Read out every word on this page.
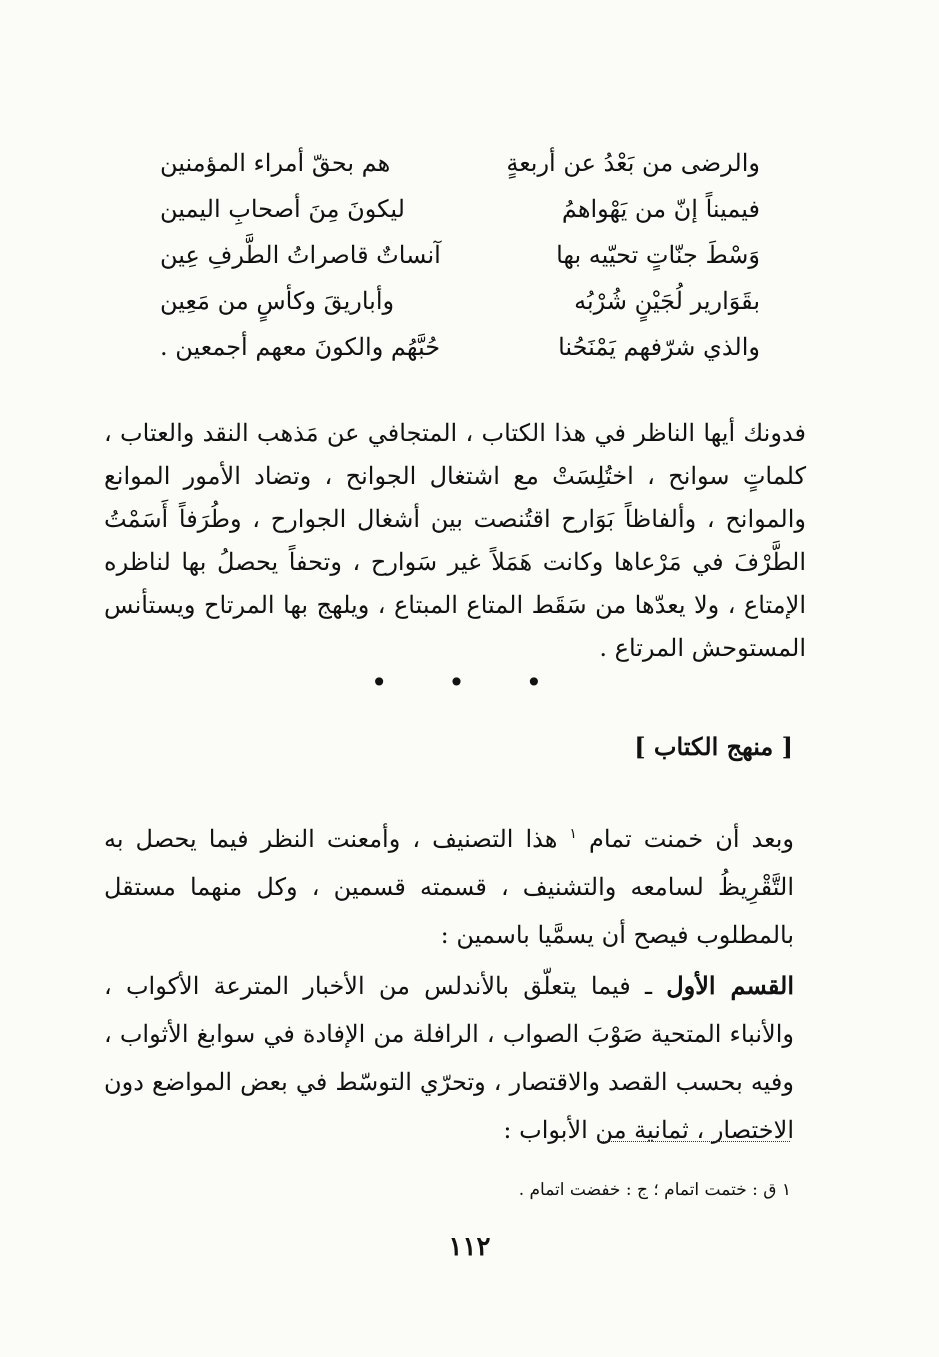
والرضى من بَعْدُ عن أربعةٍ
هم بحقّ أمراء المؤمنين
فيميناً إنّ من يَهْواهمُ
ليكونَ مِنَ أصحابِ اليمين
وَسْطَ جنّاتٍ تحيّيه بها
آنساتٌ قاصراتُ الطَّرفِ عِين
بقَوَارير لُجَيْنٍ شُرْبُه
وأباريقَ وكأسٍ من مَعِين
والذي شرّفهم يَمْنَحُنا
حُبَّهُم والكونَ معهم أجمعين .

فدونك أيها الناظر في هذا الكتاب ، المتجافي عن مَذهب النقد والعتاب ، كلماتٍ سوانح ، اختُلِسَتْ مع اشتغال الجوانح ، وتضاد الأمور الموانع والموانح ، وألفاظاً بَوَارح اقتُنصت بين أشغال الجوارح ، وطُرَفاً أَسَمْتُ الطَّرْفَ في مَرْعاها وكانت هَمَلاً غير سَوارح ، وتحفاً يحصلُ بها لناظره الإمتاع ، ولا يعدّها من سَقَط المتاع المبتاع ، ويلهج بها المرتاح ويستأنس المستوحش المرتاع .

• • •
[ منهج الكتاب ]

وبعد أن خمنت تمام $^١$ هذا التصنيف ، وأمعنت النظر فيما يحصل به التَّقْرِيظُ لسامعه والتشنيف ، قسمته قسمين ، وكل منهما مستقل بالمطلوب فيصح أن يسمَّيا باسمين :

القسم الأول ـ فيما يتعلّق بالأندلس من الأخبار المترعة الأكواب ، والأنباء المتحية صَوْبَ الصواب ، الرافلة من الإفادة في سوابغ الأثواب ، وفيه بحسب القصد والاقتصار ، وتحرّي التوسّط في بعض المواضع دون الاختصار ، ثمانية من الأبواب :

١ ق : ختمت اتمام ؛ ج : خفضت اتمام .
١١٢
